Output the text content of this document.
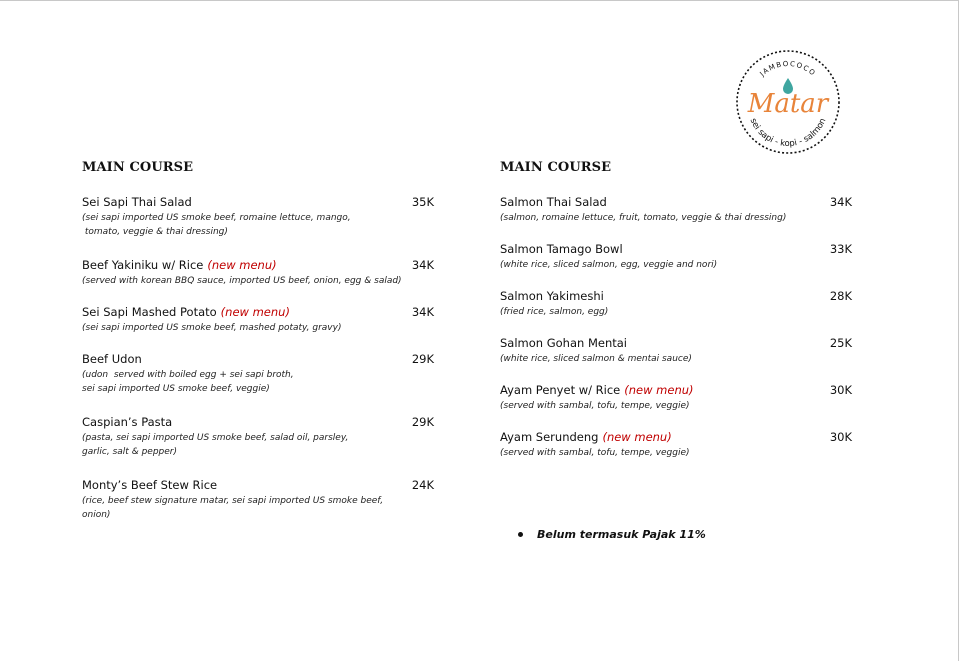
JAMBOCOCO
Matar
sei sapi - kopi - salmon
MAIN COURSE
Sei Sapi Thai Salad	35K
(sei sapi imported US smoke beef, romaine lettuce, mango,
tomato, veggie & thai dressing)
Beef Yakiniku w/ Rice (new menu)	34K
(served with korean BBQ sauce, imported US beef, onion, egg & salad)
Sei Sapi Mashed Potato (new menu)	34K
(sei sapi imported US smoke beef, mashed potaty, gravy)
Beef Udon	29K
(udon  served with boiled egg + sei sapi broth,
sei sapi imported US smoke beef, veggie)
Caspian’s Pasta	29K
(pasta, sei sapi imported US smoke beef, salad oil, parsley,
garlic, salt & pepper)
Monty’s Beef Stew Rice	24K
(rice, beef stew signature matar, sei sapi imported US smoke beef,
onion)
MAIN COURSE
Salmon Thai Salad	34K
(salmon, romaine lettuce, fruit, tomato, veggie & thai dressing)
Salmon Tamago Bowl	33K
(white rice, sliced salmon, egg, veggie and nori)
Salmon Yakimeshi	28K
(fried rice, salmon, egg)
Salmon Gohan Mentai	25K
(white rice, sliced salmon & mentai sauce)
Ayam Penyet w/ Rice (new menu)	30K
(served with sambal, tofu, tempe, veggie)
Ayam Serundeng (new menu)	30K
(served with sambal, tofu, tempe, veggie)
Belum termasuk Pajak 11%
